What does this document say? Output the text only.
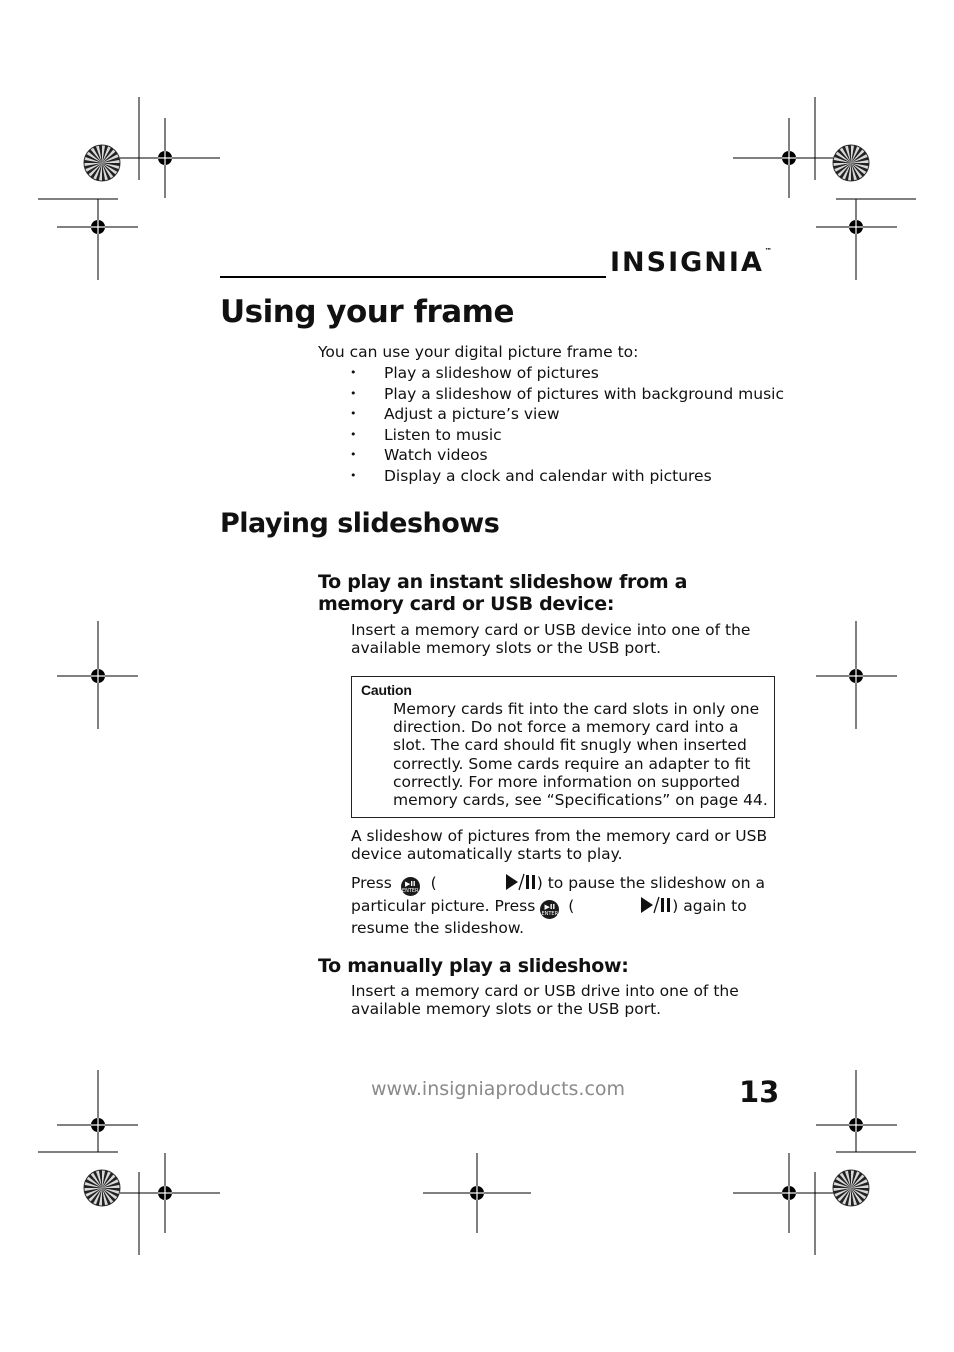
INSIGNIA™
Using your frame
You can use your digital picture frame to:
• Play a slideshow of pictures
• Play a slideshow of pictures with background music
• Adjust a picture’s view
• Listen to music
• Watch videos
• Display a clock and calendar with pictures
Playing slideshows
To play an instant slideshow from a memory card or USB device:
Insert a memory card or USB device into one of the available memory slots or the USB port.
Caution
Memory cards fit into the card slots in only one direction. Do not force a memory card into a slot. The card should fit snugly when inserted correctly. Some cards require an adapter to fit correctly. For more information on supported memory cards, see “Specifications” on page 44.
A slideshow of pictures from the memory card or USB device automatically starts to play.
Press	▶II
ENTER (	) to pause the slideshow on a
particular picture. Press	▶II
ENTER (	) again to
resume the slideshow.
To manually play a slideshow:
Insert a memory card or USB drive into one of the available memory slots or the USB port.
www.insigniaproducts.com	13
